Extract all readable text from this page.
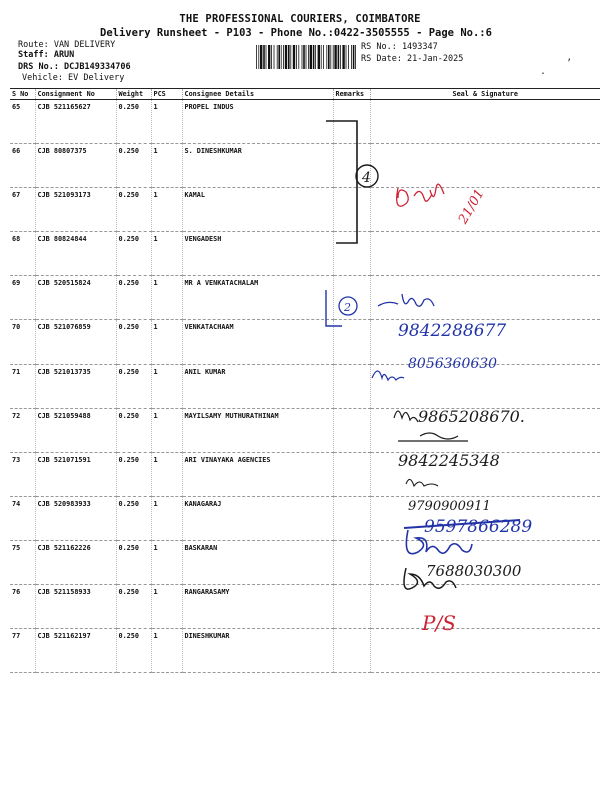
THE PROFESSIONAL COURIERS, COIMBATORE
Delivery Runsheet - P103 - Phone No.:0422-3505555 - Page No.:6
Route: VAN DELIVERY
Staff: ARUN
DRS No.: DCJB149334706
Vehicle: EV Delivery
RS No.: 1493347
RS Date: 21-Jan-2025	’
.
S No	Consignment No	Weight	PCS	Consignee Details	Remarks	Seal & Signature
65	CJB 521165627	0.250	1	PROPEL INDUS		
66	CJB 80807375	0.250	1	S. DINESHKUMAR		
67	CJB 521093173	0.250	1	KAMAL		
68	CJB 80824844	0.250	1	VENGADESH		
69	CJB 520515824	0.250	1	MR A VENKATACHALAM		
70	CJB 521076859	0.250	1	VENKATACHAAM		
71	CJB 521013735	0.250	1	ANIL KUMAR		
72	CJB 521059488	0.250	1	MAYILSAMY MUTHURATHINAM		
73	CJB 521071591	0.250	1	ARI VINAYAKA AGENCIES		
74	CJB 520983933	0.250	1	KANAGARAJ		
75	CJB 521162226	0.250	1	BASKARAN		
76	CJB 521158933	0.250	1	RANGARASAMY		
77	CJB 521162197	0.250	1	DINESHKUMAR		
4
21/01
2
9842288677
8056360630
9865208670.
9842245348
9790900911
9597866289
7688030300
P/S
